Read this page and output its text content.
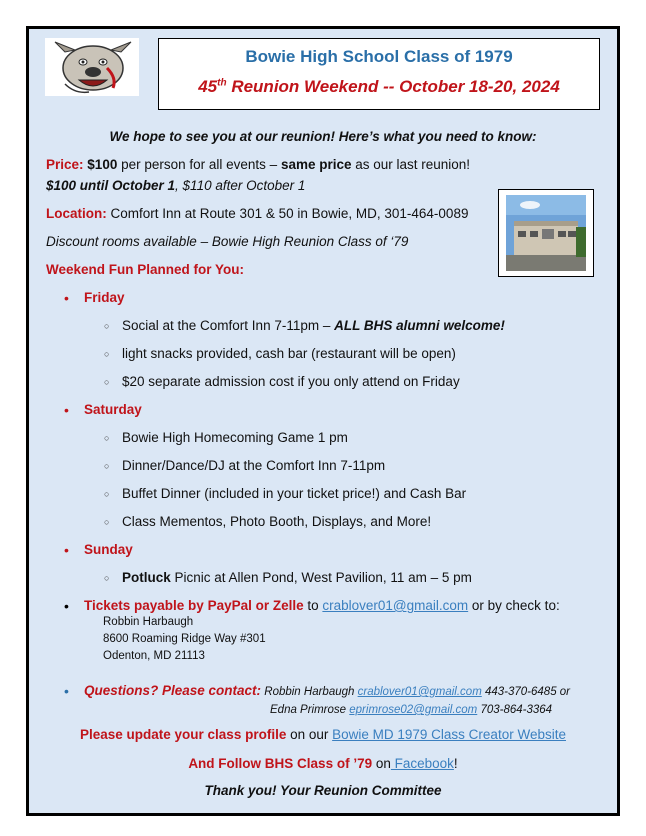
Bowie High School Class of 1979
45th Reunion Weekend -- October 18-20, 2024
We hope to see you at our reunion! Here’s what you need to know:
Price: $100 per person for all events – same price as our last reunion!
$100 until October 1, $110 after October 1
Location: Comfort Inn at Route 301 & 50 in Bowie, MD, 301-464-0089
Discount rooms available – Bowie High Reunion Class of ‘79
Weekend Fun Planned for You:
• Friday
○ Social at the Comfort Inn 7-11pm – ALL BHS alumni welcome!
○ light snacks provided, cash bar (restaurant will be open)
○ $20 separate admission cost if you only attend on Friday
• Saturday
○ Bowie High Homecoming Game 1 pm
○ Dinner/Dance/DJ at the Comfort Inn 7-11pm
○ Buffet Dinner (included in your ticket price!) and Cash Bar
○ Class Mementos, Photo Booth, Displays, and More!
• Sunday
○ Potluck Picnic at Allen Pond, West Pavilion, 11 am – 5 pm
• Tickets payable by PayPal or Zelle to crablover01@gmail.com or by check to:
Robbin Harbaugh
8600 Roaming Ridge Way #301
Odenton, MD 21113
• Questions? Please contact: Robbin Harbaugh crablover01@gmail.com 443-370-6485 or
Edna Primrose eprimrose02@gmail.com 703-864-3364
Please update your class profile on our Bowie MD 1979 Class Creator Website
And Follow BHS Class of ’79 on Facebook!
Thank you! Your Reunion Committee
